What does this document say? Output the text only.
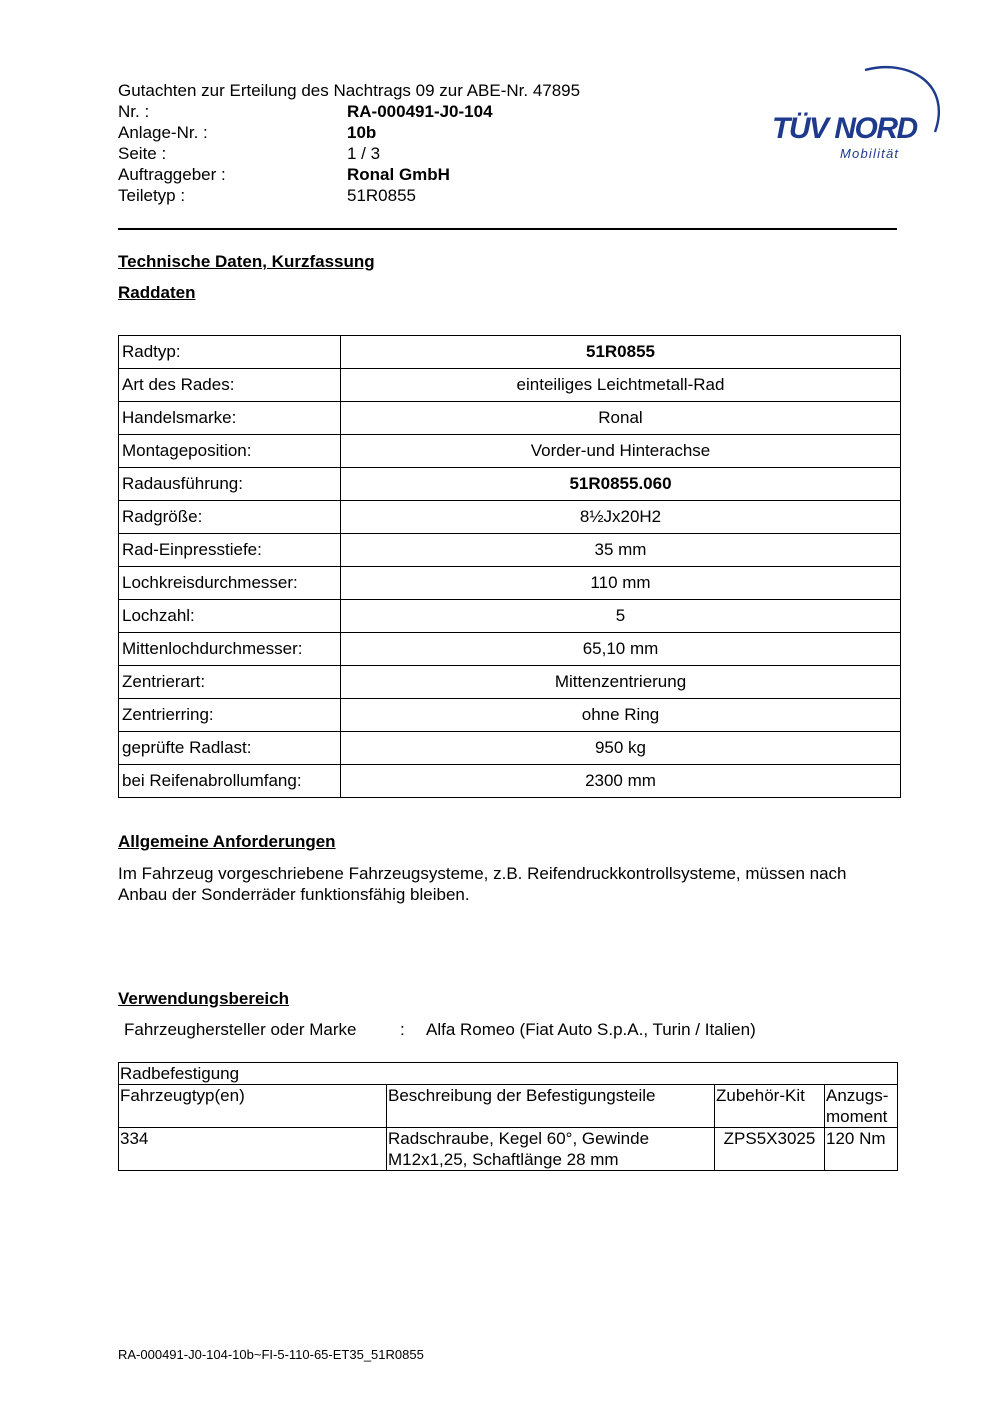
Gutachten zur Erteilung des Nachtrags 09 zur ABE-Nr. 47895
Nr. :	RA-000491-J0-104
Anlage-Nr. :	10b
Seite :	1 / 3
Auftraggeber :	Ronal GmbH
Teiletyp :	51R0855
TÜV NORD
Mobilität
Technische Daten, Kurzfassung
Raddaten
Radtyp:	51R0855
Art des Rades:	einteiliges Leichtmetall-Rad
Handelsmarke:	Ronal
Montageposition:	Vorder-und Hinterachse
Radausführung:	51R0855.060
Radgröße:	8½Jx20H2
Rad-Einpresstiefe:	35 mm
Lochkreisdurchmesser:	110 mm
Lochzahl:	5
Mittenlochdurchmesser:	65,10 mm
Zentrierart:	Mittenzentrierung
Zentrierring:	ohne Ring
geprüfte Radlast:	950 kg
bei Reifenabrollumfang:	2300 mm
Allgemeine Anforderungen
Im Fahrzeug vorgeschriebene Fahrzeugsysteme, z.B. Reifendruckkontrollsysteme, müssen nach Anbau der Sonderräder funktionsfähig bleiben.
Verwendungsbereich
Fahrzeughersteller oder Marke	:	Alfa Romeo (Fiat Auto S.p.A., Turin / Italien)
Radbefestigung			
Fahrzeugtyp(en)	Beschreibung der Befestigungsteile	Zubehör-Kit	Anzugs-moment
334	Radschraube, Kegel 60°, Gewinde M12x1,25, Schaftlänge 28 mm	ZPS5X3025	120 Nm
RA-000491-J0-104-10b~FI-5-110-65-ET35_51R0855
